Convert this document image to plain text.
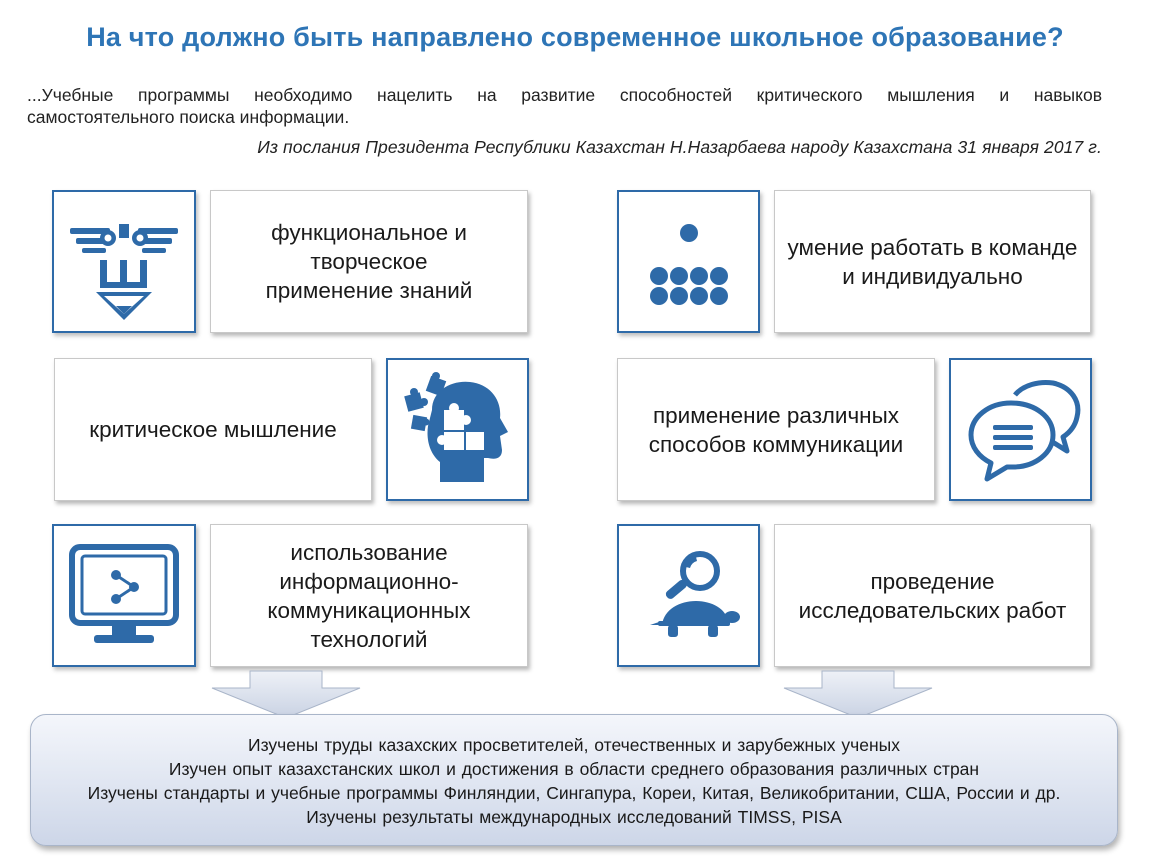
На что должно быть направлено современное школьное образование?
...Учебные программы необходимо нацелить на развитие способностей критического мышления и навыков
самостоятельного поиска информации.
Из послания Президента Республики Казахстан Н.Назарбаева народу Казахстана 31 января 2017 г.
функциональное и творческое применение знаний
критическое мышление
использование информационно-коммуникационных технологий
умение работать в команде и индивидуально
применение различных способов коммуникации
проведение исследовательских работ
Изучены труды казахских просветителей, отечественных и зарубежных ученых
Изучен опыт казахстанских школ и достижения в области среднего образования различных стран
Изучены стандарты и учебные программы Финляндии, Сингапура, Кореи, Китая, Великобритании, США, России и др.
Изучены результаты международных исследований TIMSS, PISA
